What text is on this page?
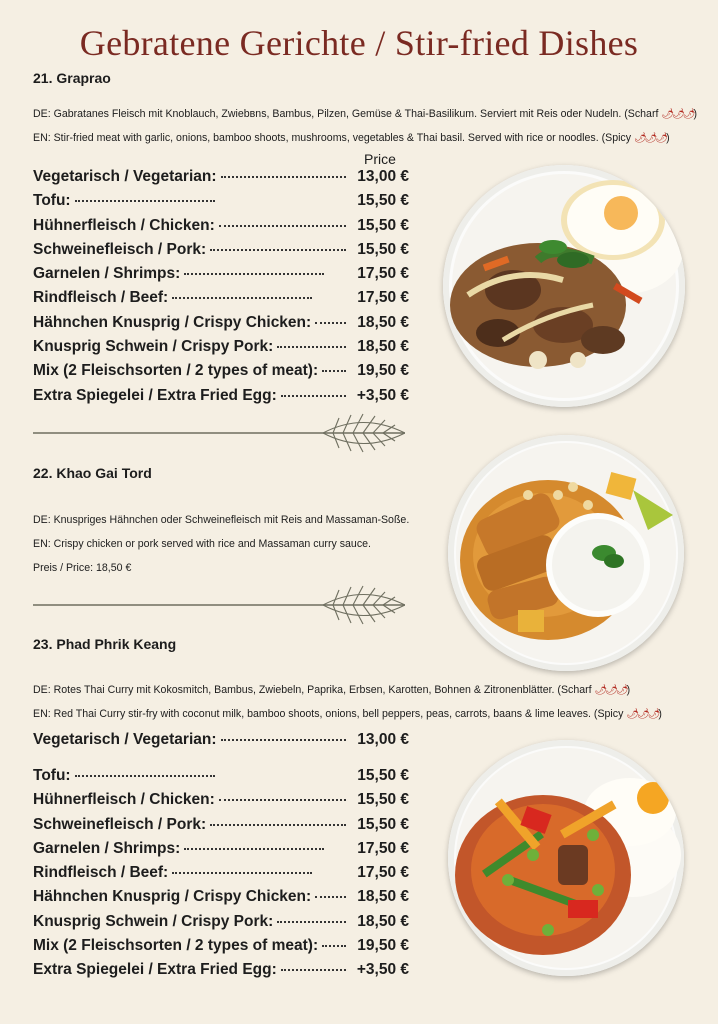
Gebratene Gerichte / Stir-fried Dishes
21. Graprao
DE: Gabratanes Fleisch mit Knoblauch, Zwiebвns, Bambus, Pilzen, Gemüse & Thai-Basilikum. Serviert mit Reis oder Nudeln. (Scharf 🌶🌶🌶)
EN: Stir-fried meat with garlic, onions, bamboo shoots, mushrooms, vegetables & Thai basil. Served with rice or noodles. (Spicy 🌶🌶🌶)
Price
Vegetarisch / Vegetarian:	13,00 €
Tofu:	15,50 €
Hühnerfleisch / Chicken:	15,50 €
Schweinefleisch / Pork:	15,50 €
Garnelen / Shrimps:	17,50 €
Rindfleisch / Beef:	17,50 €
Hähnchen Knusprig / Crispy Chicken:	18,50 €
Knusprig Schwein / Crispy Pork:	18,50 €
Mix (2 Fleischsorten / 2 types of meat):	19,50 €
Extra Spiegelei / Extra Fried Egg:	+3,50 €
22. Khao Gai Tord
DE: Knuspriges Hähnchen oder Schweinefleisch mit Reis and Massaman-Soße.
EN: Crispy chicken or pork served with rice and Massaman curry sauce.
Preis / Price: 18,50 €
23. Phad Phrik Keang
DE: Rotes Thai Curry mit Kokosmitch, Bambus, Zwiebeln, Paprika, Erbsen, Karotten, Bohnen & Zitronenblätter. (Scharf 🌶🌶🌶)
EN: Red Thai Curry stir-fry with coconut milk, bamboo shoots, onions, bell peppers, peas, carrots, baans & lime leaves. (Spicy 🌶🌶🌶)
Vegetarisch / Vegetarian:	13,00 €
Tofu:	15,50 €
Hühnerfleisch / Chicken:	15,50 €
Schweinefleisch / Pork:	15,50 €
Garnelen / Shrimps:	17,50 €
Rindfleisch / Beef:	17,50 €
Hähnchen Knusprig / Crispy Chicken:	18,50 €
Knusprig Schwein / Crispy Pork:	18,50 €
Mix (2 Fleischsorten / 2 types of meat):	19,50 €
Extra Spiegelei / Extra Fried Egg:	+3,50 €
